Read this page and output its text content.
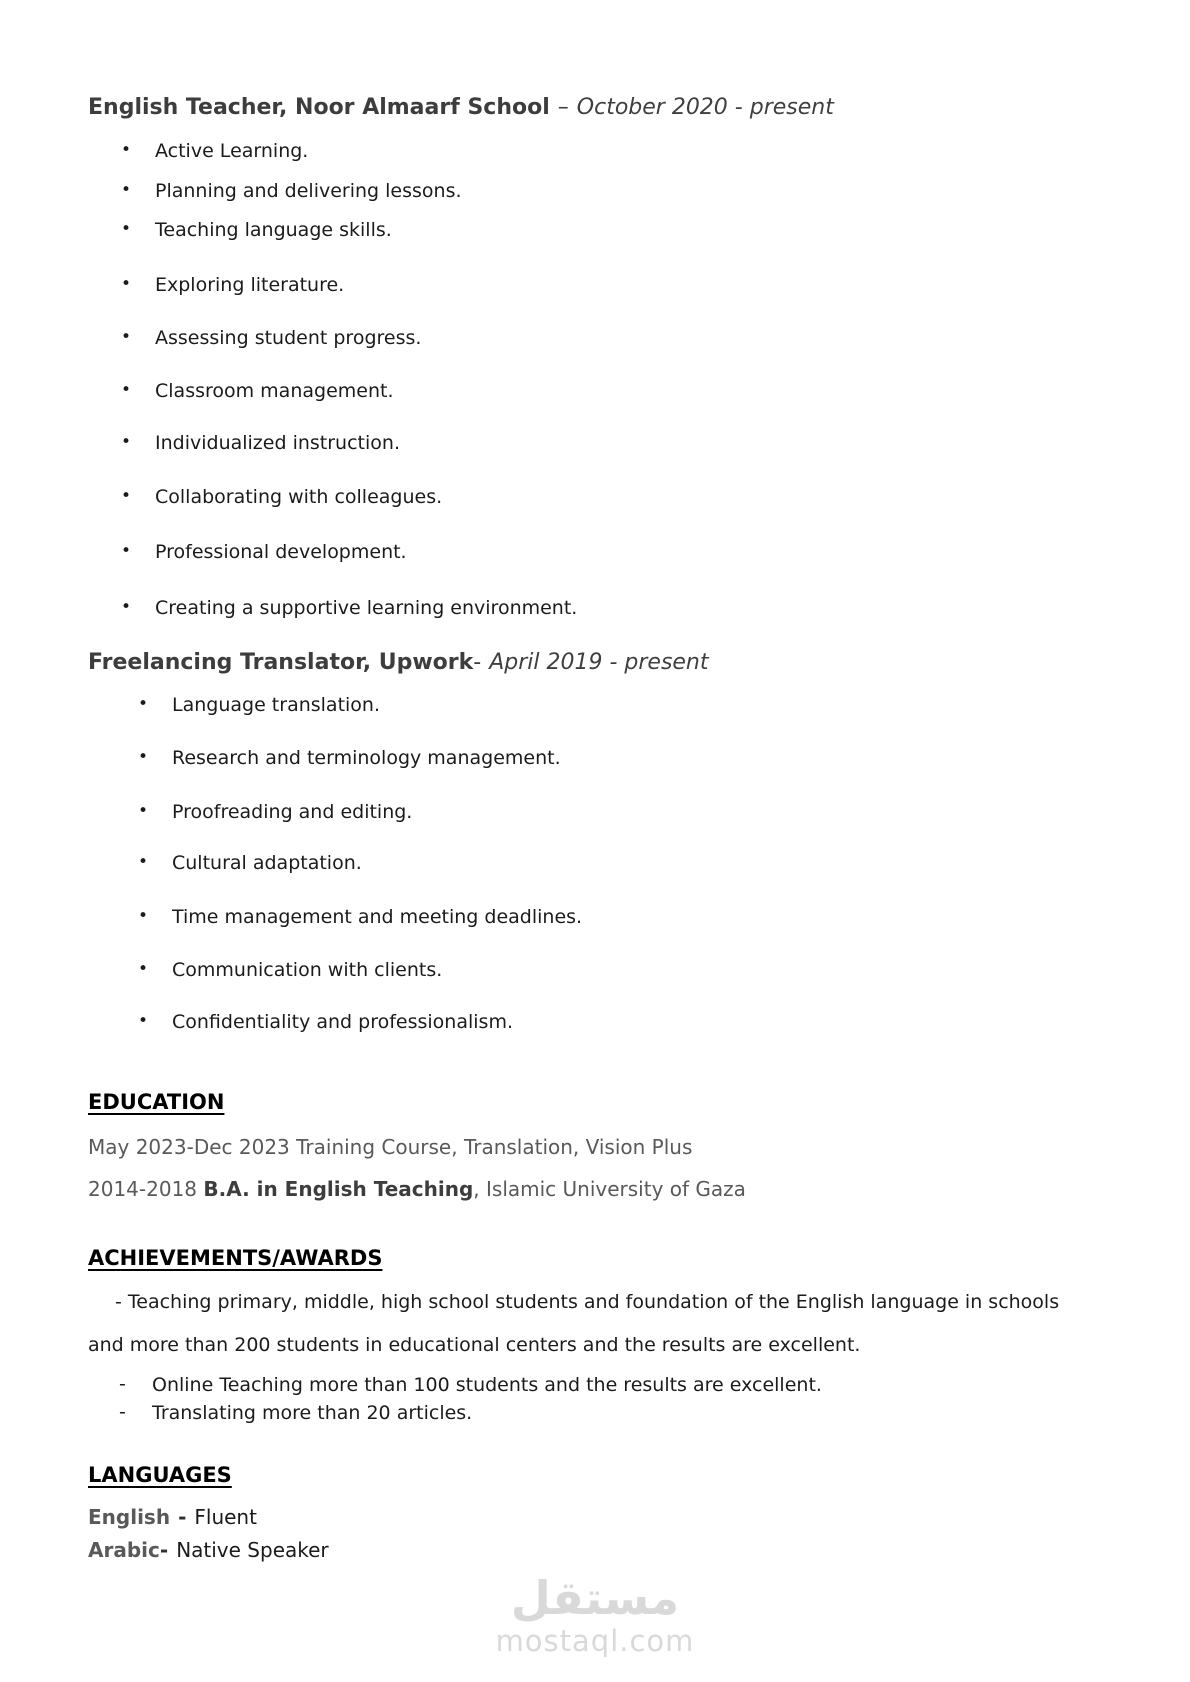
English Teacher, Noor Almaarf School – October 2020 - present
• Active Learning.
• Planning and delivering lessons.
• Teaching language skills.
• Exploring literature.
• Assessing student progress.
• Classroom management.
• Individualized instruction.
• Collaborating with colleagues.
• Professional development.
• Creating a supportive learning environment.
Freelancing Translator, Upwork- April 2019 - present
• Language translation.
• Research and terminology management.
• Proofreading and editing.
• Cultural adaptation.
• Time management and meeting deadlines.
• Communication with clients.
• Confidentiality and professionalism.
EDUCATION
May 2023-Dec 2023 Training Course, Translation, Vision Plus
2014-2018 B.A. in English Teaching, Islamic University of Gaza
ACHIEVEMENTS/AWARDS
- Teaching primary, middle, high school students and foundation of the English language in schools
and more than 200 students in educational centers and the results are excellent.
- Online Teaching more than 100 students and the results are excellent.
- Translating more than 20 articles.
LANGUAGES
English - Fluent
Arabic- Native Speaker
مستقل
mostaql.com
